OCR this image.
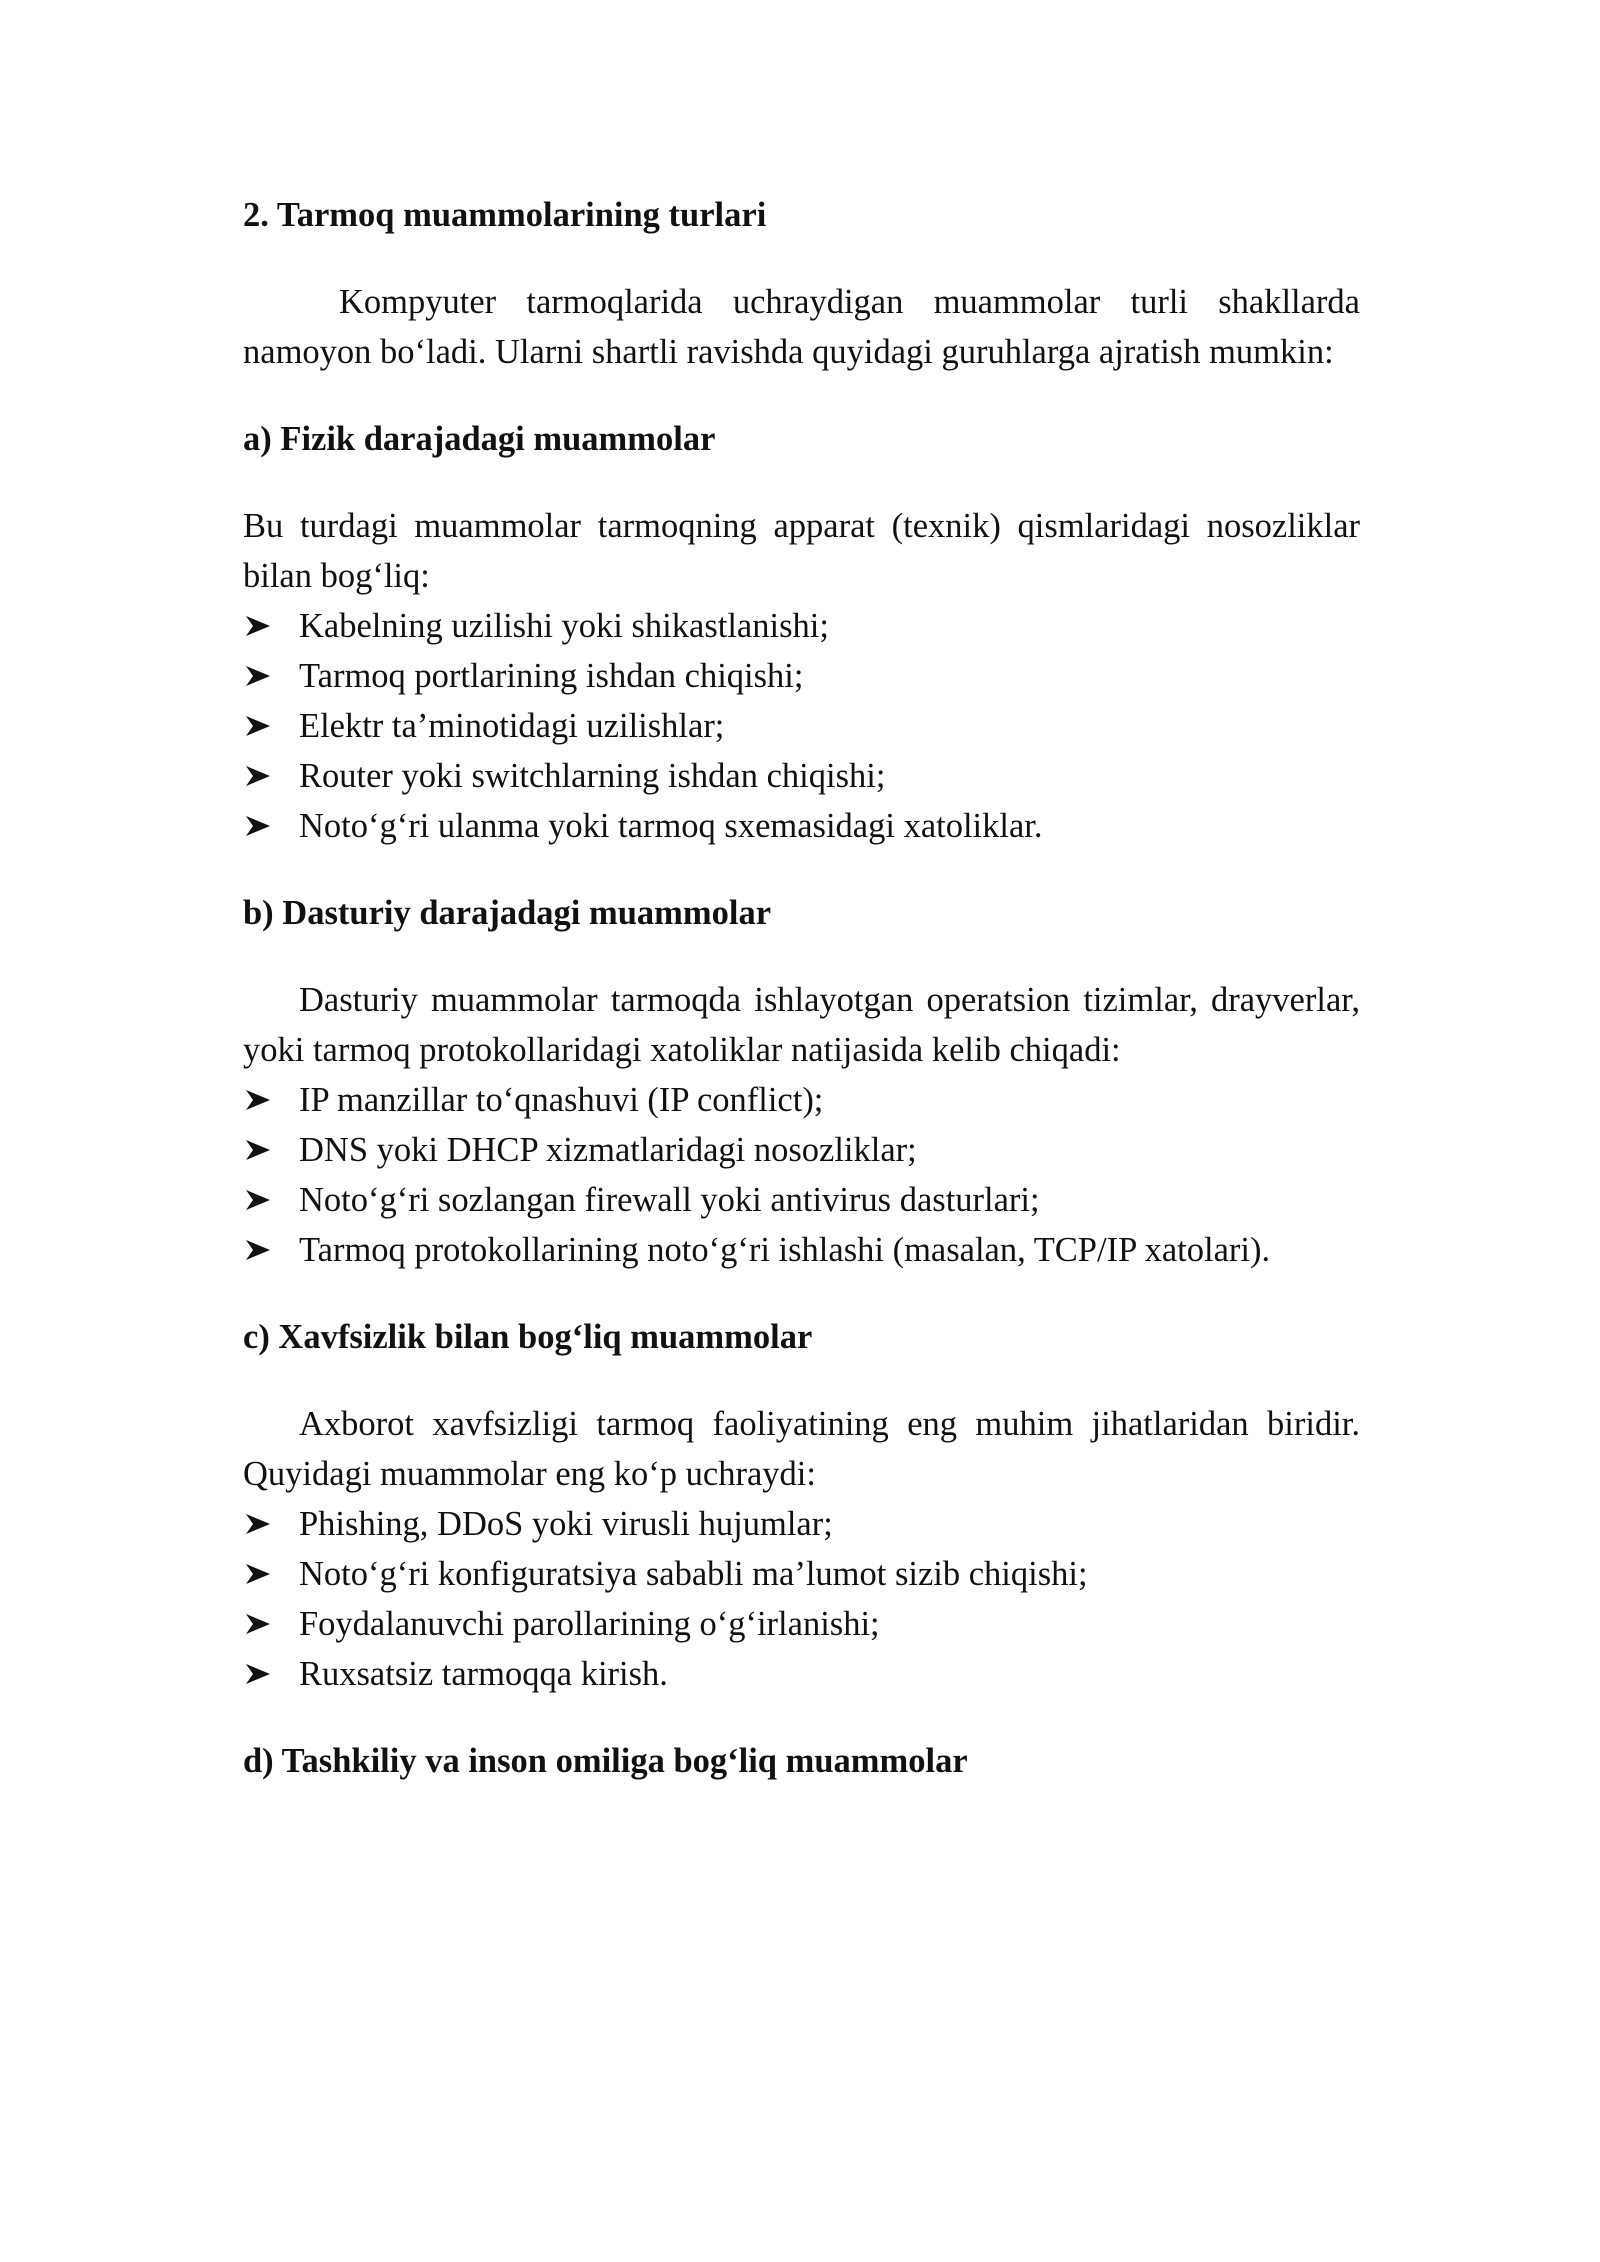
2. Tarmoq muammolarining turlari

Kompyuter tarmoqlarida uchraydigan muammolar turli shakllarda namoyon bo‘ladi. Ularni shartli ravishda quyidagi guruhlarga ajratish mumkin:

a) Fizik darajadagi muammolar

Bu turdagi muammolar tarmoqning apparat (texnik) qismlaridagi nosozliklar bilan bog‘liq:

Kabelning uzilishi yoki shikastlanishi;
Tarmoq portlarining ishdan chiqishi;
Elektr ta’minotidagi uzilishlar;
Router yoki switchlarning ishdan chiqishi;
Noto‘g‘ri ulanma yoki tarmoq sxemasidagi xatoliklar.

b) Dasturiy darajadagi muammolar

Dasturiy muammolar tarmoqda ishlayotgan operatsion tizimlar, drayverlar, yoki tarmoq protokollaridagi xatoliklar natijasida kelib chiqadi:

IP manzillar to‘qnashuvi (IP conflict);
DNS yoki DHCP xizmatlaridagi nosozliklar;
Noto‘g‘ri sozlangan firewall yoki antivirus dasturlari;
Tarmoq protokollarining noto‘g‘ri ishlashi (masalan, TCP/IP xatolari).

c) Xavfsizlik bilan bog‘liq muammolar

Axborot xavfsizligi tarmoq faoliyatining eng muhim jihatlaridan biridir. Quyidagi muammolar eng ko‘p uchraydi:

Phishing, DDoS yoki virusli hujumlar;
Noto‘g‘ri konfiguratsiya sababli ma’lumot sizib chiqishi;
Foydalanuvchi parollarining o‘g‘irlanishi;
Ruxsatsiz tarmoqqa kirish.

d) Tashkiliy va inson omiliga bog‘liq muammolar
